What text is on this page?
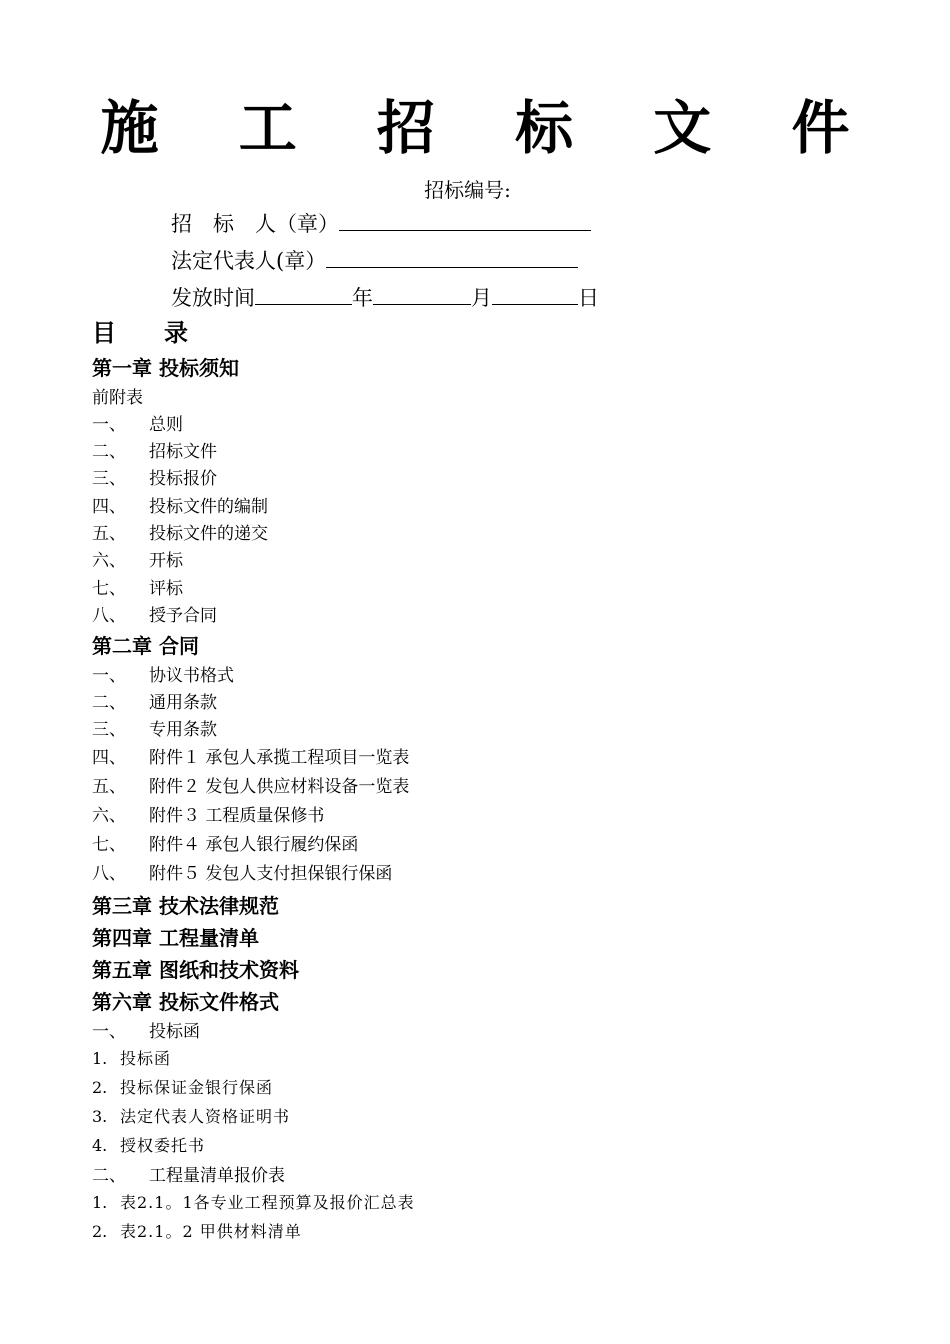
施 工 招 标 文 件
招标编号:
招　标　人（章）
法定代表人(章）
发放时间	年	月	日
目　　录
第一章 投标须知
前附表
一、 总则
二、 招标文件
三、 投标报价
四、 投标文件的编制
五、 投标文件的递交
六、 开标
七、 评标
八、 授予合同
第二章 合同
一、 协议书格式
二、 通用条款
三、 专用条款
四、 附件１ 承包人承揽工程项目一览表
五、 附件２ 发包人供应材料设备一览表
六、 附件３ 工程质量保修书
七、 附件４ 承包人银行履约保函
八、 附件５ 发包人支付担保银行保函
第三章 技术法律规范
第四章 工程量清单
第五章 图纸和技术资料
第六章 投标文件格式
一、 投标函
1. 投标函
2. 投标保证金银行保函
3. 法定代表人资格证明书
4. 授权委托书
二、 工程量清单报价表
1. 表2.1。1各专业工程预算及报价汇总表
2. 表2.1。2 甲供材料清单
